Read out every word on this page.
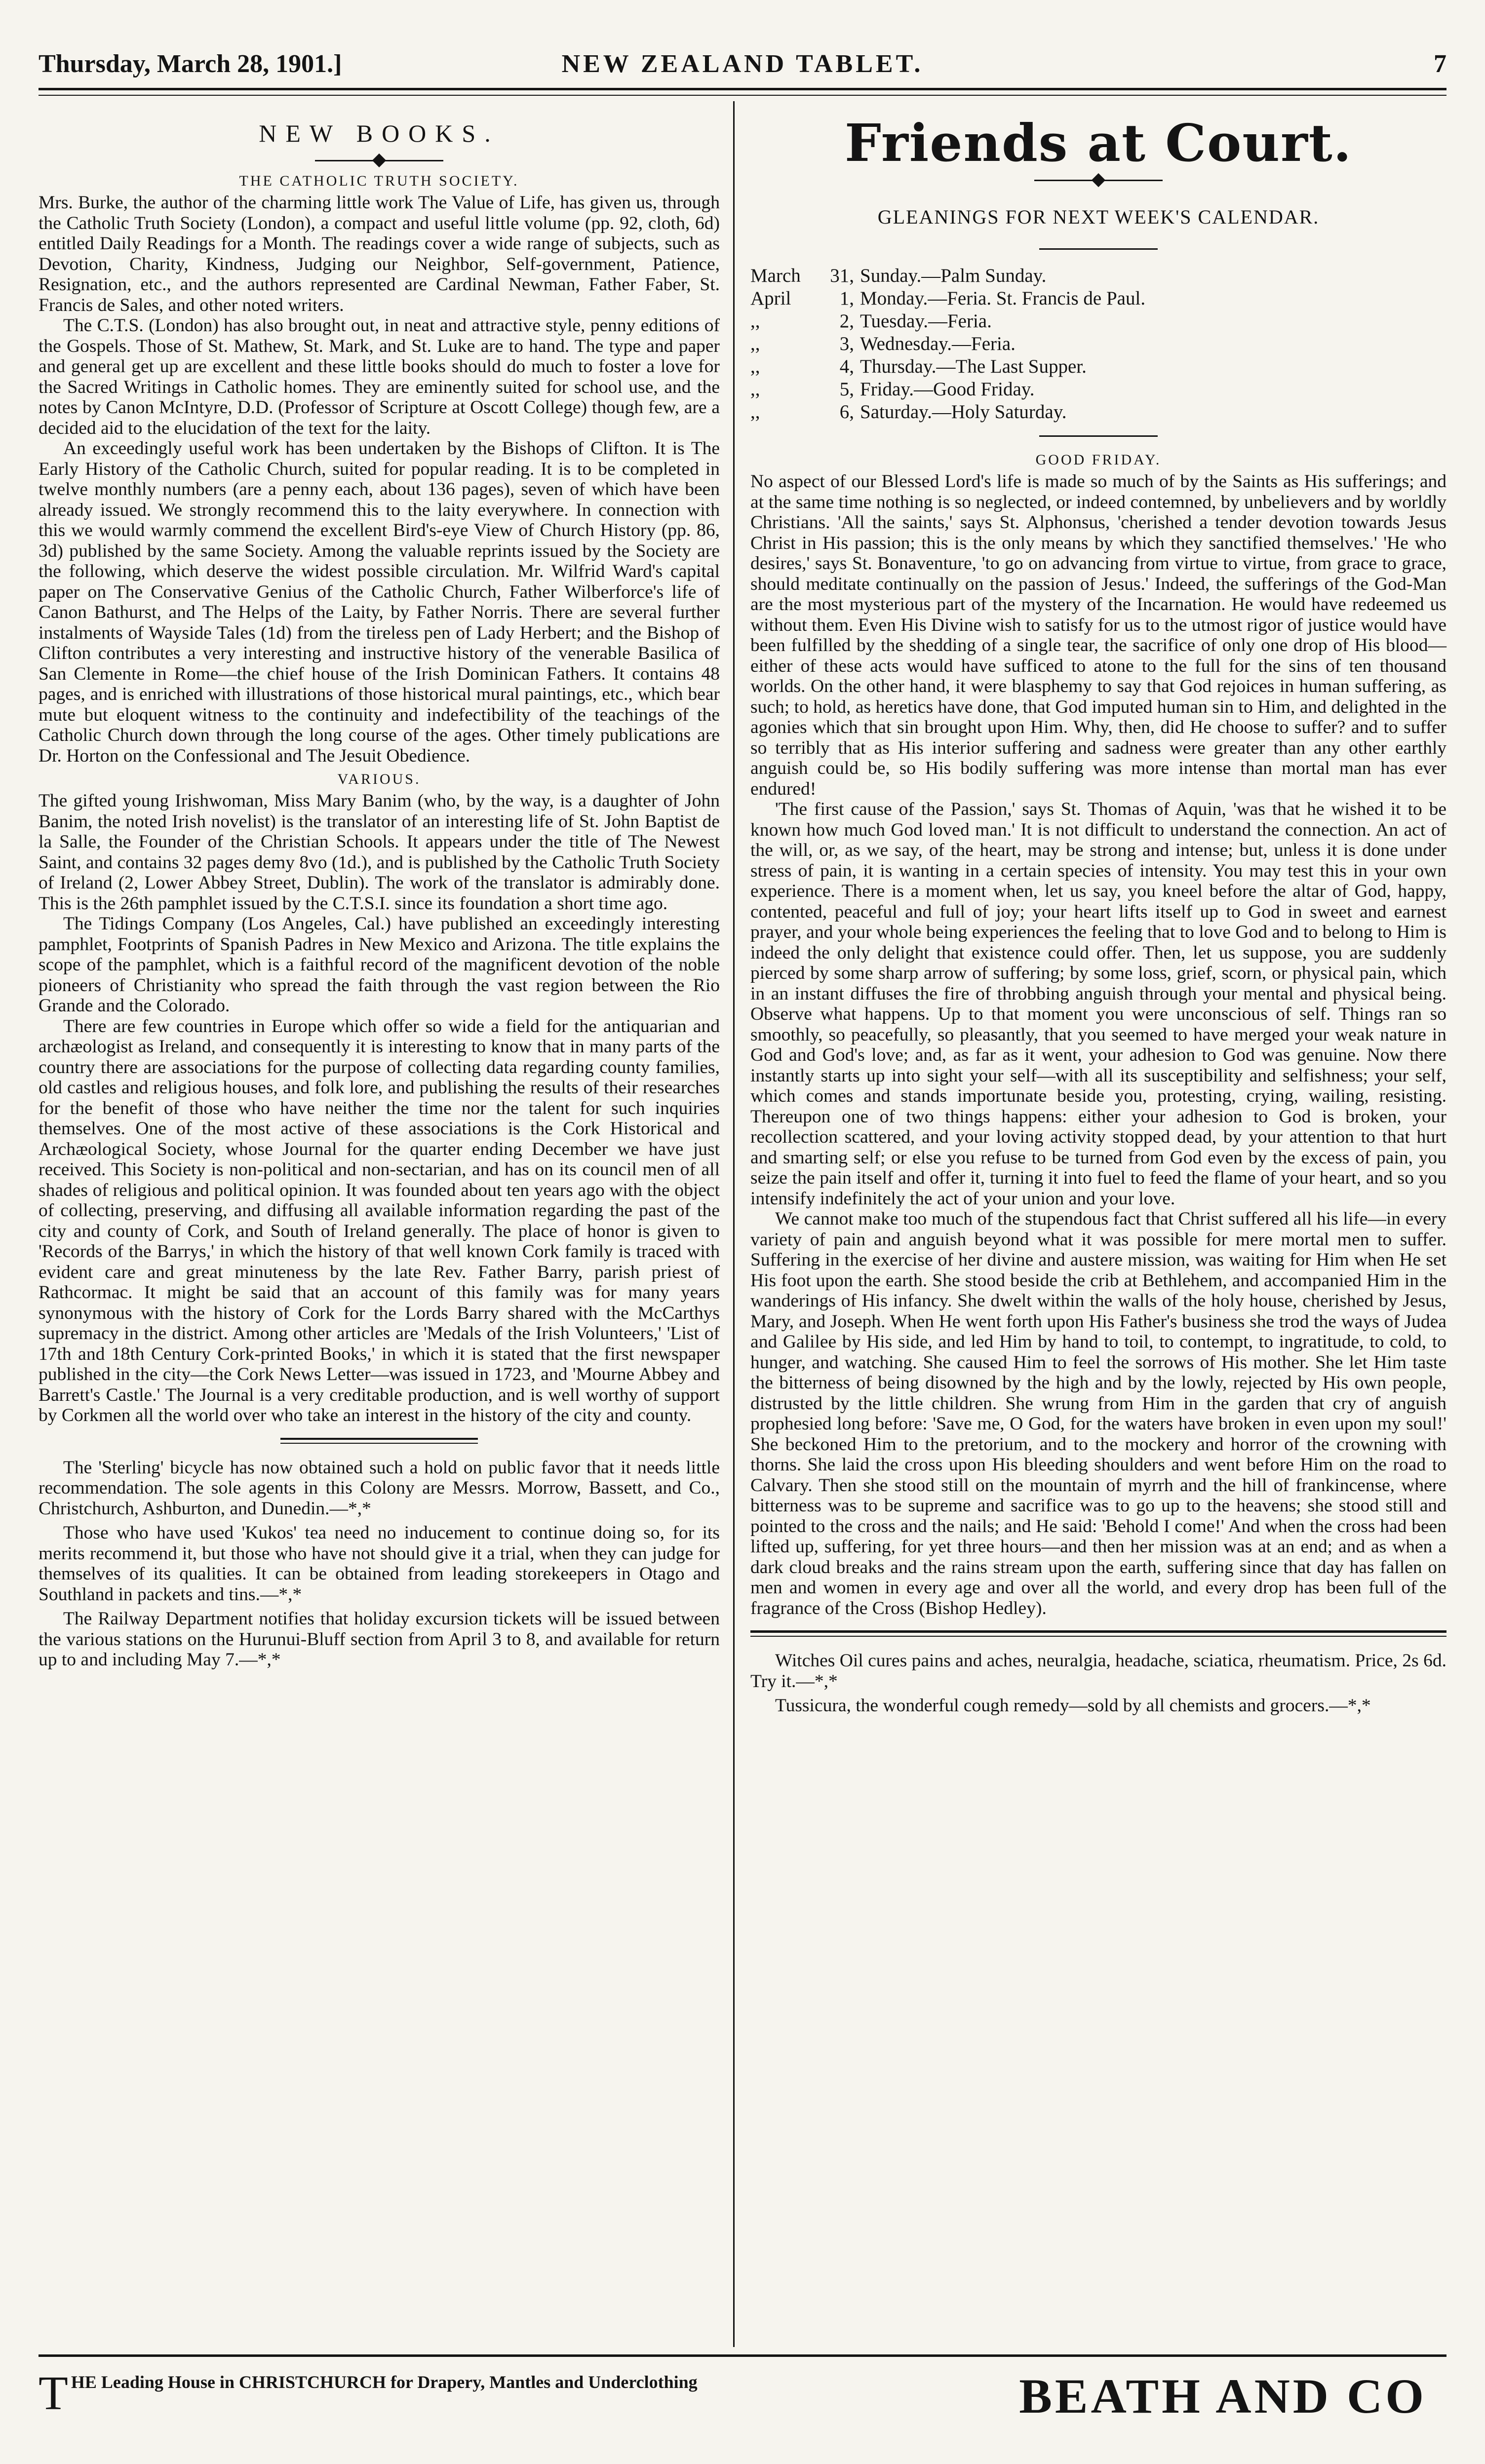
Thursday, March 28, 1901.]	NEW ZEALAND TABLET.	7

NEW BOOKS.

THE CATHOLIC TRUTH SOCIETY.

Mrs. Burke, the author of the charming little work The Value of Life, has given us, through the Catholic Truth Society (London), a compact and useful little volume (pp. 92, cloth, 6d) entitled Daily Readings for a Month. The readings cover a wide range of subjects, such as Devotion, Charity, Kindness, Judging our Neighbor, Self-government, Patience, Resignation, etc., and the authors represented are Cardinal Newman, Father Faber, St. Francis de Sales, and other noted writers.

The C.T.S. (London) has also brought out, in neat and attractive style, penny editions of the Gospels. Those of St. Mathew, St. Mark, and St. Luke are to hand. The type and paper and general get up are excellent and these little books should do much to foster a love for the Sacred Writings in Catholic homes. They are eminently suited for school use, and the notes by Canon McIntyre, D.D. (Professor of Scripture at Oscott College) though few, are a decided aid to the elucidation of the text for the laity.

An exceedingly useful work has been undertaken by the Bishops of Clifton. It is The Early History of the Catholic Church, suited for popular reading. It is to be completed in twelve monthly numbers (are a penny each, about 136 pages), seven of which have been already issued. We strongly recommend this to the laity everywhere. In connection with this we would warmly commend the excellent Bird's-eye View of Church History (pp. 86, 3d) published by the same Society. Among the valuable reprints issued by the Society are the following, which deserve the widest possible circulation. Mr. Wilfrid Ward's capital paper on The Conservative Genius of the Catholic Church, Father Wilberforce's life of Canon Bathurst, and The Helps of the Laity, by Father Norris. There are several further instalments of Wayside Tales (1d) from the tireless pen of Lady Herbert; and the Bishop of Clifton contributes a very interesting and instructive history of the venerable Basilica of San Clemente in Rome—the chief house of the Irish Dominican Fathers. It contains 48 pages, and is enriched with illustrations of those historical mural paintings, etc., which bear mute but eloquent witness to the continuity and indefectibility of the teachings of the Catholic Church down through the long course of the ages. Other timely publications are Dr. Horton on the Confessional and The Jesuit Obedience.

VARIOUS.

The gifted young Irishwoman, Miss Mary Banim (who, by the way, is a daughter of John Banim, the noted Irish novelist) is the translator of an interesting life of St. John Baptist de la Salle, the Founder of the Christian Schools. It appears under the title of The Newest Saint, and contains 32 pages demy 8vo (1d.), and is published by the Catholic Truth Society of Ireland (2, Lower Abbey Street, Dublin). The work of the translator is admirably done. This is the 26th pamphlet issued by the C.T.S.I. since its foundation a short time ago.

The Tidings Company (Los Angeles, Cal.) have published an exceedingly interesting pamphlet, Footprints of Spanish Padres in New Mexico and Arizona. The title explains the scope of the pamphlet, which is a faithful record of the magnificent devotion of the noble pioneers of Christianity who spread the faith through the vast region between the Rio Grande and the Colorado.

There are few countries in Europe which offer so wide a field for the antiquarian and archæologist as Ireland, and consequently it is interesting to know that in many parts of the country there are associations for the purpose of collecting data regarding county families, old castles and religious houses, and folk lore, and publishing the results of their researches for the benefit of those who have neither the time nor the talent for such inquiries themselves. One of the most active of these associations is the Cork Historical and Archæological Society, whose Journal for the quarter ending December we have just received. This Society is non-political and non-sectarian, and has on its council men of all shades of religious and political opinion. It was founded about ten years ago with the object of collecting, preserving, and diffusing all available information regarding the past of the city and county of Cork, and South of Ireland generally. The place of honor is given to 'Records of the Barrys,' in which the history of that well known Cork family is traced with evident care and great minuteness by the late Rev. Father Barry, parish priest of Rathcormac. It might be said that an account of this family was for many years synonymous with the history of Cork for the Lords Barry shared with the McCarthys supremacy in the district. Among other articles are 'Medals of the Irish Volunteers,' 'List of 17th and 18th Century Cork-printed Books,' in which it is stated that the first newspaper published in the city—the Cork News Letter—was issued in 1723, and 'Mourne Abbey and Barrett's Castle.' The Journal is a very creditable production, and is well worthy of support by Corkmen all the world over who take an interest in the history of the city and county.

The 'Sterling' bicycle has now obtained such a hold on public favor that it needs little recommendation. The sole agents in this Colony are Messrs. Morrow, Bassett, and Co., Christchurch, Ashburton, and Dunedin.—*,*

Those who have used 'Kukos' tea need no inducement to continue doing so, for its merits recommend it, but those who have not should give it a trial, when they can judge for themselves of its qualities. It can be obtained from leading storekeepers in Otago and Southland in packets and tins.—*,*

The Railway Department notifies that holiday excursion tickets will be issued between the various stations on the Hurunui-Bluff section from April 3 to 8, and available for return up to and including May 7.—*,*

Friends at Court.

GLEANINGS FOR NEXT WEEK'S CALENDAR.

March	31, Sunday.—Palm Sunday.
April	1, Monday.—Feria. St. Francis de Paul.
,,	2, Tuesday.—Feria.
,,	3, Wednesday.—Feria.
,,	4, Thursday.—The Last Supper.
,,	5, Friday.—Good Friday.
,,	6, Saturday.—Holy Saturday.

GOOD FRIDAY.

No aspect of our Blessed Lord's life is made so much of by the Saints as His sufferings; and at the same time nothing is so neglected, or indeed contemned, by unbelievers and by worldly Christians. 'All the saints,' says St. Alphonsus, 'cherished a tender devotion towards Jesus Christ in His passion; this is the only means by which they sanctified themselves.' 'He who desires,' says St. Bonaventure, 'to go on advancing from virtue to virtue, from grace to grace, should meditate continually on the passion of Jesus.' Indeed, the sufferings of the God-Man are the most mysterious part of the mystery of the Incarnation. He would have redeemed us without them. Even His Divine wish to satisfy for us to the utmost rigor of justice would have been fulfilled by the shedding of a single tear, the sacrifice of only one drop of His blood—either of these acts would have sufficed to atone to the full for the sins of ten thousand worlds. On the other hand, it were blasphemy to say that God rejoices in human suffering, as such; to hold, as heretics have done, that God imputed human sin to Him, and delighted in the agonies which that sin brought upon Him. Why, then, did He choose to suffer? and to suffer so terribly that as His interior suffering and sadness were greater than any other earthly anguish could be, so His bodily suffering was more intense than mortal man has ever endured!

'The first cause of the Passion,' says St. Thomas of Aquin, 'was that he wished it to be known how much God loved man.' It is not difficult to understand the connection. An act of the will, or, as we say, of the heart, may be strong and intense; but, unless it is done under stress of pain, it is wanting in a certain species of intensity. You may test this in your own experience. There is a moment when, let us say, you kneel before the altar of God, happy, contented, peaceful and full of joy; your heart lifts itself up to God in sweet and earnest prayer, and your whole being experiences the feeling that to love God and to belong to Him is indeed the only delight that existence could offer. Then, let us suppose, you are suddenly pierced by some sharp arrow of suffering; by some loss, grief, scorn, or physical pain, which in an instant diffuses the fire of throbbing anguish through your mental and physical being. Observe what happens. Up to that moment you were unconscious of self. Things ran so smoothly, so peacefully, so pleasantly, that you seemed to have merged your weak nature in God and God's love; and, as far as it went, your adhesion to God was genuine. Now there instantly starts up into sight your self—with all its susceptibility and selfishness; your self, which comes and stands importunate beside you, protesting, crying, wailing, resisting. Thereupon one of two things happens: either your adhesion to God is broken, your recollection scattered, and your loving activity stopped dead, by your attention to that hurt and smarting self; or else you refuse to be turned from God even by the excess of pain, you seize the pain itself and offer it, turning it into fuel to feed the flame of your heart, and so you intensify indefinitely the act of your union and your love.

We cannot make too much of the stupendous fact that Christ suffered all his life—in every variety of pain and anguish beyond what it was possible for mere mortal men to suffer. Suffering in the exercise of her divine and austere mission, was waiting for Him when He set His foot upon the earth. She stood beside the crib at Bethlehem, and accompanied Him in the wanderings of His infancy. She dwelt within the walls of the holy house, cherished by Jesus, Mary, and Joseph. When He went forth upon His Father's business she trod the ways of Judea and Galilee by His side, and led Him by hand to toil, to contempt, to ingratitude, to cold, to hunger, and watching. She caused Him to feel the sorrows of His mother. She let Him taste the bitterness of being disowned by the high and by the lowly, rejected by His own people, distrusted by the little children. She wrung from Him in the garden that cry of anguish prophesied long before: 'Save me, O God, for the waters have broken in even upon my soul!' She beckoned Him to the pretorium, and to the mockery and horror of the crowning with thorns. She laid the cross upon His bleeding shoulders and went before Him on the road to Calvary. Then she stood still on the mountain of myrrh and the hill of frankincense, where bitterness was to be supreme and sacrifice was to go up to the heavens; she stood still and pointed to the cross and the nails; and He said: 'Behold I come!' And when the cross had been lifted up, suffering, for yet three hours—and then her mission was at an end; and as when a dark cloud breaks and the rains stream upon the earth, suffering since that day has fallen on men and women in every age and over all the world, and every drop has been full of the fragrance of the Cross (Bishop Hedley).

Witches Oil cures pains and aches, neuralgia, headache, sciatica, rheumatism. Price, 2s 6d. Try it.—*,*

Tussicura, the wonderful cough remedy—sold by all chemists and grocers.—*,*

T HE Leading House in CHRISTCHURCH for Drapery, Mantles and Underclothing	BEATH AND CO
